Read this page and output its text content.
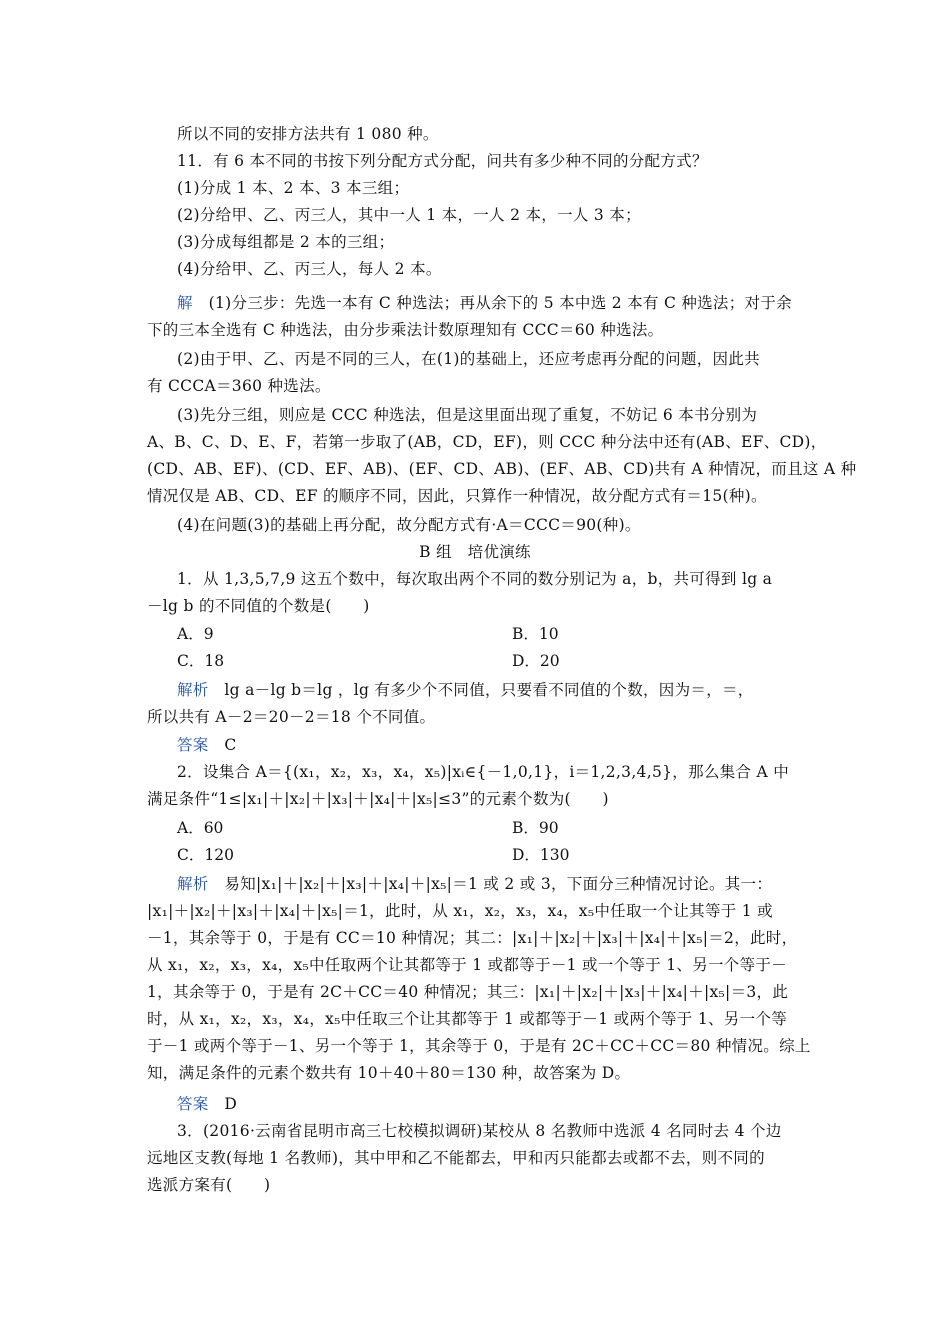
所以不同的安排方法共有 1 080 种。
11．有 6 本不同的书按下列分配方式分配，问共有多少种不同的分配方式？
(1)分成 1 本、2 本、3 本三组；
(2)分给甲、乙、丙三人，其中一人 1 本，一人 2 本，一人 3 本；
(3)分成每组都是 2 本的三组；
(4)分给甲、乙、丙三人，每人 2 本。
解　(1)分三步：先选一本有 C 种选法；再从余下的 5 本中选 2 本有 C 种选法；对于余
下的三本全选有 C 种选法，由分步乘法计数原理知有 CCC＝60 种选法。
(2)由于甲、乙、丙是不同的三人，在(1)的基础上，还应考虑再分配的问题，因此共
有 CCCA＝360 种选法。
(3)先分三组，则应是 CCC 种选法，但是这里面出现了重复，不妨记 6 本书分别为
A、B、C、D、E、F，若第一步取了(AB，CD，EF)，则 CCC 种分法中还有(AB、EF、CD)，
(CD、AB、EF)、(CD、EF、AB)、(EF、CD、AB)、(EF、AB、CD)共有 A 种情况，而且这 A 种
情况仅是 AB、CD、EF 的顺序不同，因此，只算作一种情况，故分配方式有＝15(种)。
(4)在问题(3)的基础上再分配，故分配方式有·A＝CCC＝90(种)。
B 组　培优演练
1．从 1,3,5,7,9 这五个数中，每次取出两个不同的数分别记为 a，b，共可得到 lg a
－lg b 的不同值的个数是(　　)
A．9	B．10
C．18	D．20
解析　lg a－lg b＝lg ，lg 有多少个不同值，只要看不同值的个数，因为＝，＝，
所以共有 A－2＝20－2＝18 个不同值。
答案　C
2．设集合 A＝{(x₁，x₂，x₃，x₄，x₅)|xᵢ∈{－1,0,1}，i＝1,2,3,4,5}，那么集合 A 中
满足条件“1≤|x₁|＋|x₂|＋|x₃|＋|x₄|＋|x₅|≤3”的元素个数为(　　)
A．60	B．90
C．120	D．130
解析　易知|x₁|＋|x₂|＋|x₃|＋|x₄|＋|x₅|＝1 或 2 或 3，下面分三种情况讨论。其一：
|x₁|＋|x₂|＋|x₃|＋|x₄|＋|x₅|＝1，此时，从 x₁，x₂，x₃，x₄，x₅中任取一个让其等于 1 或
－1，其余等于 0，于是有 CC＝10 种情况；其二：|x₁|＋|x₂|＋|x₃|＋|x₄|＋|x₅|＝2，此时，
从 x₁，x₂，x₃，x₄，x₅中任取两个让其都等于 1 或都等于－1 或一个等于 1、另一个等于－
1，其余等于 0，于是有 2C＋CC＝40 种情况；其三：|x₁|＋|x₂|＋|x₃|＋|x₄|＋|x₅|＝3，此
时，从 x₁，x₂，x₃，x₄，x₅中任取三个让其都等于 1 或都等于－1 或两个等于 1、另一个等
于－1 或两个等于－1、另一个等于 1，其余等于 0，于是有 2C＋CC＋CC＝80 种情况。综上
知，满足条件的元素个数共有 10＋40＋80＝130 种，故答案为 D。
答案　D
3．(2016·云南省昆明市高三七校模拟调研)某校从 8 名教师中选派 4 名同时去 4 个边
远地区支教(每地 1 名教师)，其中甲和乙不能都去，甲和丙只能都去或都不去，则不同的
选派方案有(　　)
